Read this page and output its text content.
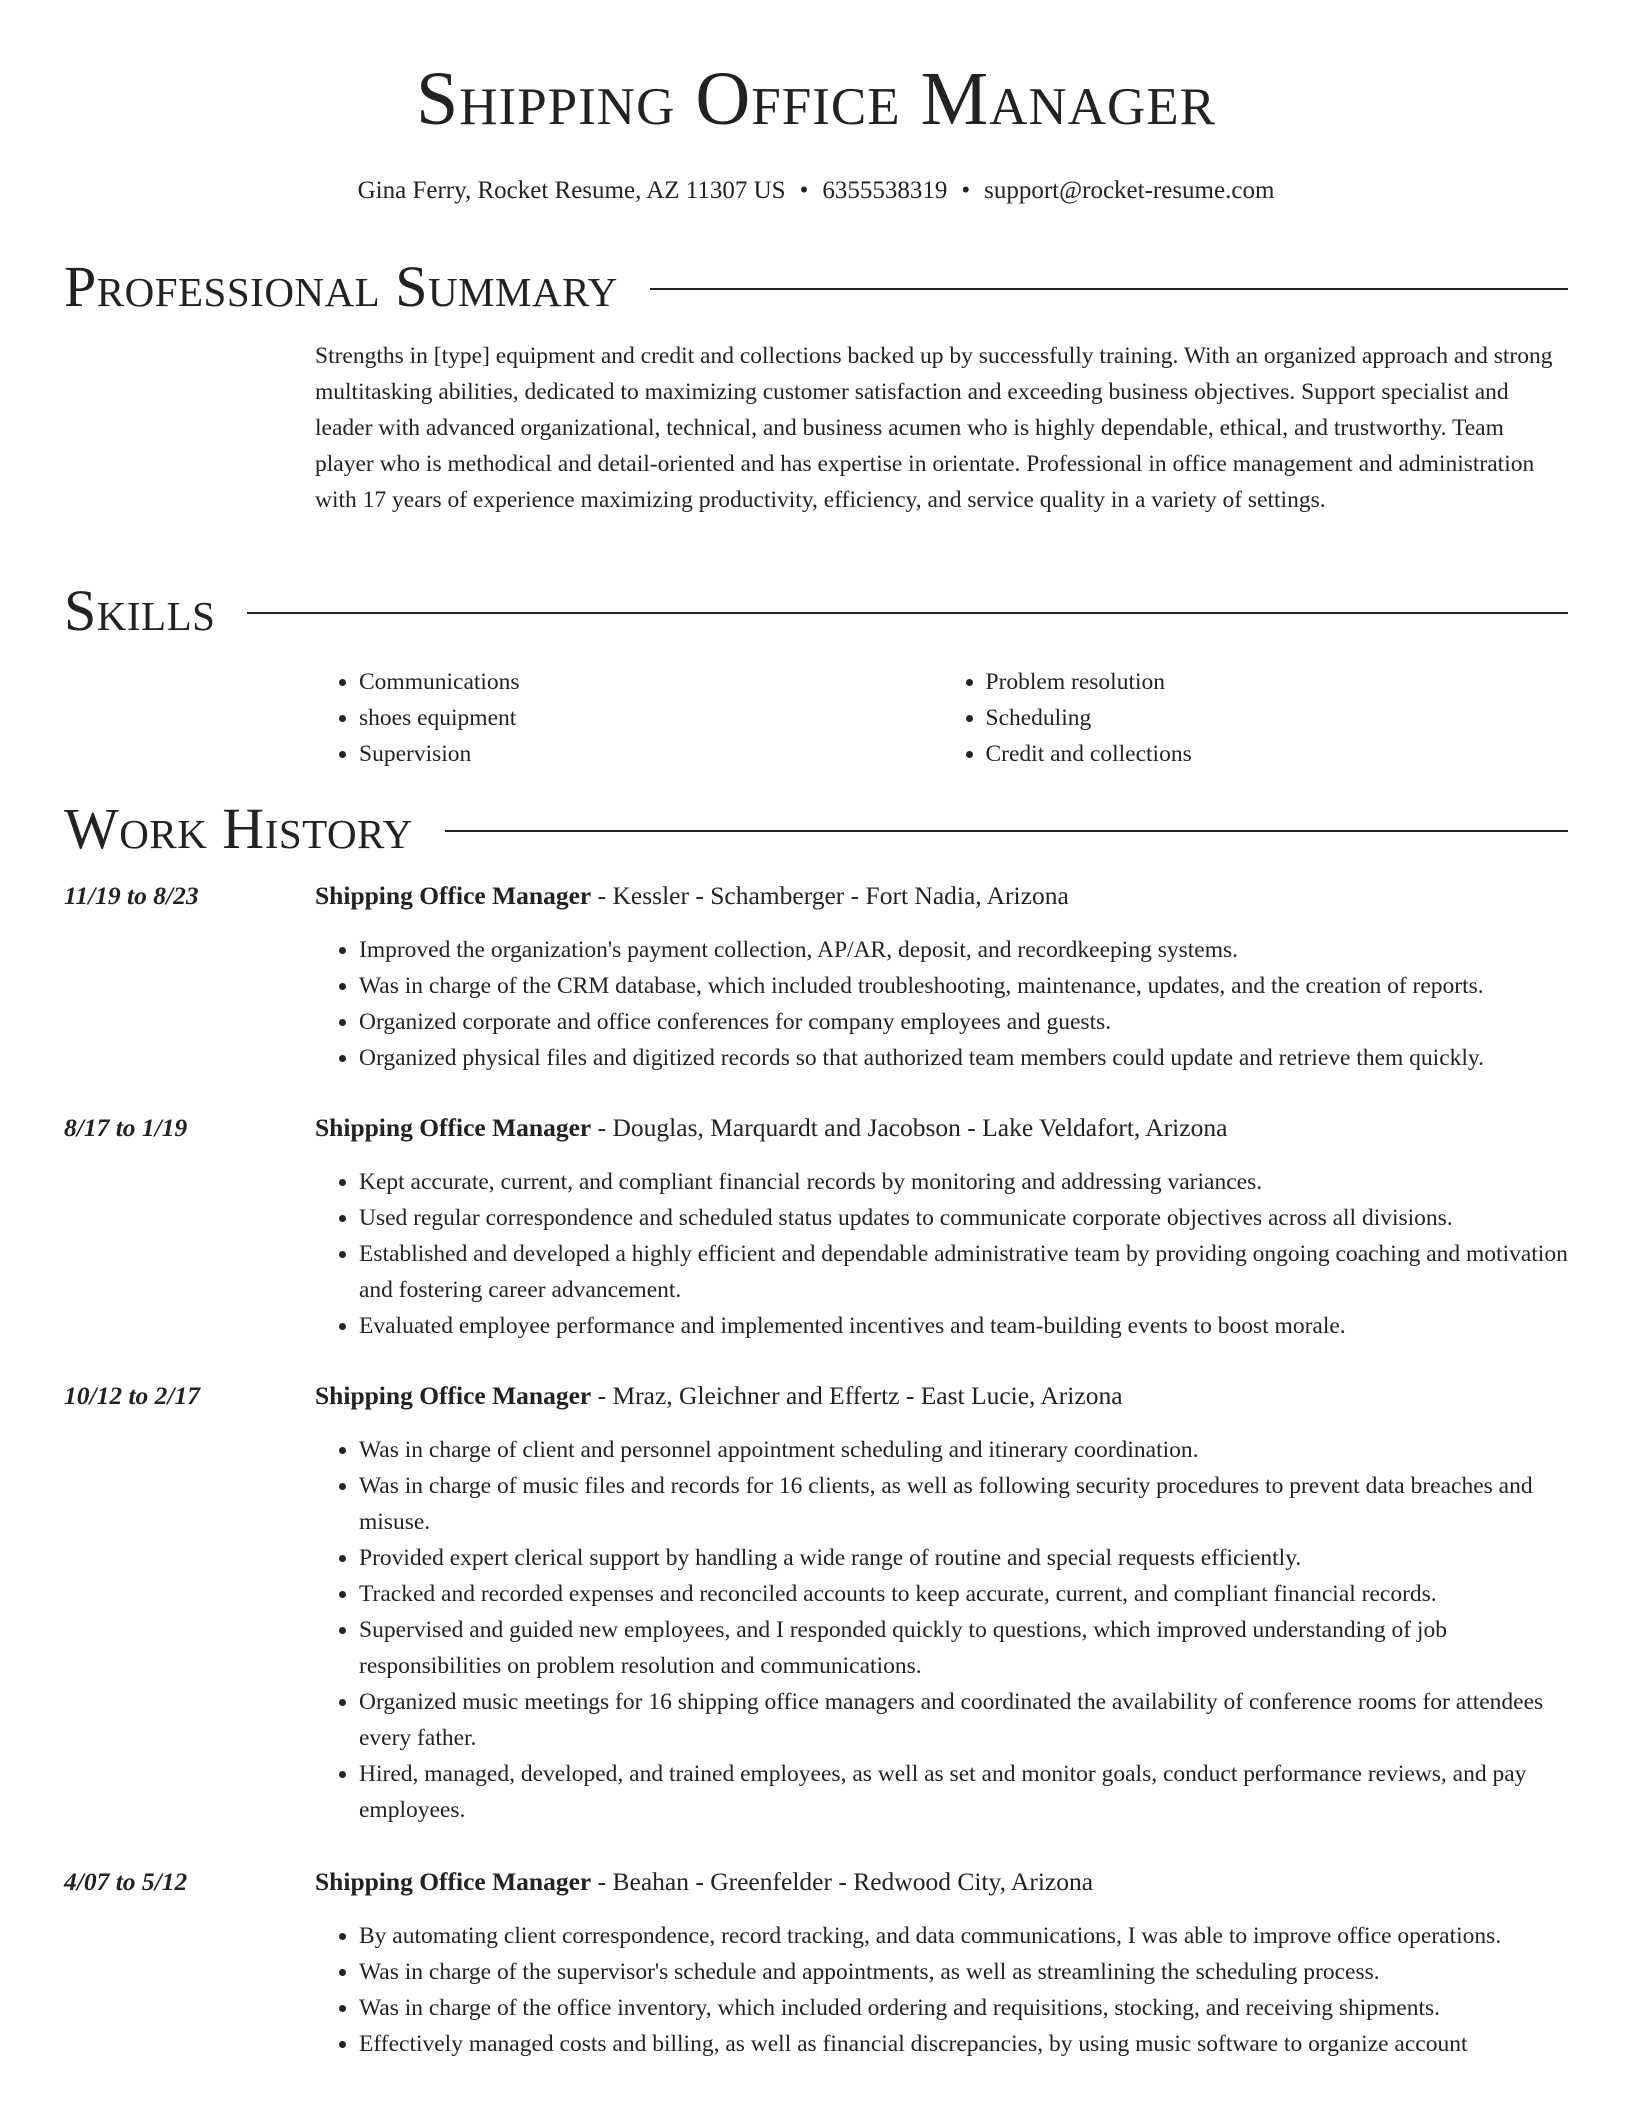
Shipping Office Manager
Gina Ferry, Rocket Resume, AZ 11307 US • 6355538319 • support@rocket-resume.com
Professional Summary

Strengths in [type] equipment and credit and collections backed up by successfully training. With an organized approach and strong multitasking abilities, dedicated to maximizing customer satisfaction and exceeding business objectives. Support specialist and leader with advanced organizational, technical, and business acumen who is highly dependable, ethical, and trustworthy. Team player who is methodical and detail-oriented and has expertise in orientate. Professional in office management and administration with 17 years of experience maximizing productivity, efficiency, and service quality in a variety of settings.

Skills
• Communications
• shoes equipment
• Supervision
• Problem resolution
• Scheduling
• Credit and collections
Work History
11/19 to 8/23	Shipping Office Manager - Kessler - Schamberger - Fort Nadia, Arizona
• Improved the organization's payment collection, AP/AR, deposit, and recordkeeping systems.
• Was in charge of the CRM database, which included troubleshooting, maintenance, updates, and the creation of reports.
• Organized corporate and office conferences for company employees and guests.
• Organized physical files and digitized records so that authorized team members could update and retrieve them quickly.
8/17 to 1/19	Shipping Office Manager - Douglas, Marquardt and Jacobson - Lake Veldafort, Arizona
• Kept accurate, current, and compliant financial records by monitoring and addressing variances.
• Used regular correspondence and scheduled status updates to communicate corporate objectives across all divisions.
• Established and developed a highly efficient and dependable administrative team by providing ongoing coaching and motivation and fostering career advancement.
• Evaluated employee performance and implemented incentives and team-building events to boost morale.
10/12 to 2/17	Shipping Office Manager - Mraz, Gleichner and Effertz - East Lucie, Arizona
• Was in charge of client and personnel appointment scheduling and itinerary coordination.
• Was in charge of music files and records for 16 clients, as well as following security procedures to prevent data breaches and misuse.
• Provided expert clerical support by handling a wide range of routine and special requests efficiently.
• Tracked and recorded expenses and reconciled accounts to keep accurate, current, and compliant financial records.
• Supervised and guided new employees, and I responded quickly to questions, which improved understanding of job responsibilities on problem resolution and communications.
• Organized music meetings for 16 shipping office managers and coordinated the availability of conference rooms for attendees every father.
• Hired, managed, developed, and trained employees, as well as set and monitor goals, conduct performance reviews, and pay employees.
4/07 to 5/12	Shipping Office Manager - Beahan - Greenfelder - Redwood City, Arizona
• By automating client correspondence, record tracking, and data communications, I was able to improve office operations.
• Was in charge of the supervisor's schedule and appointments, as well as streamlining the scheduling process.
• Was in charge of the office inventory, which included ordering and requisitions, stocking, and receiving shipments.
• Effectively managed costs and billing, as well as financial discrepancies, by using music software to organize account
